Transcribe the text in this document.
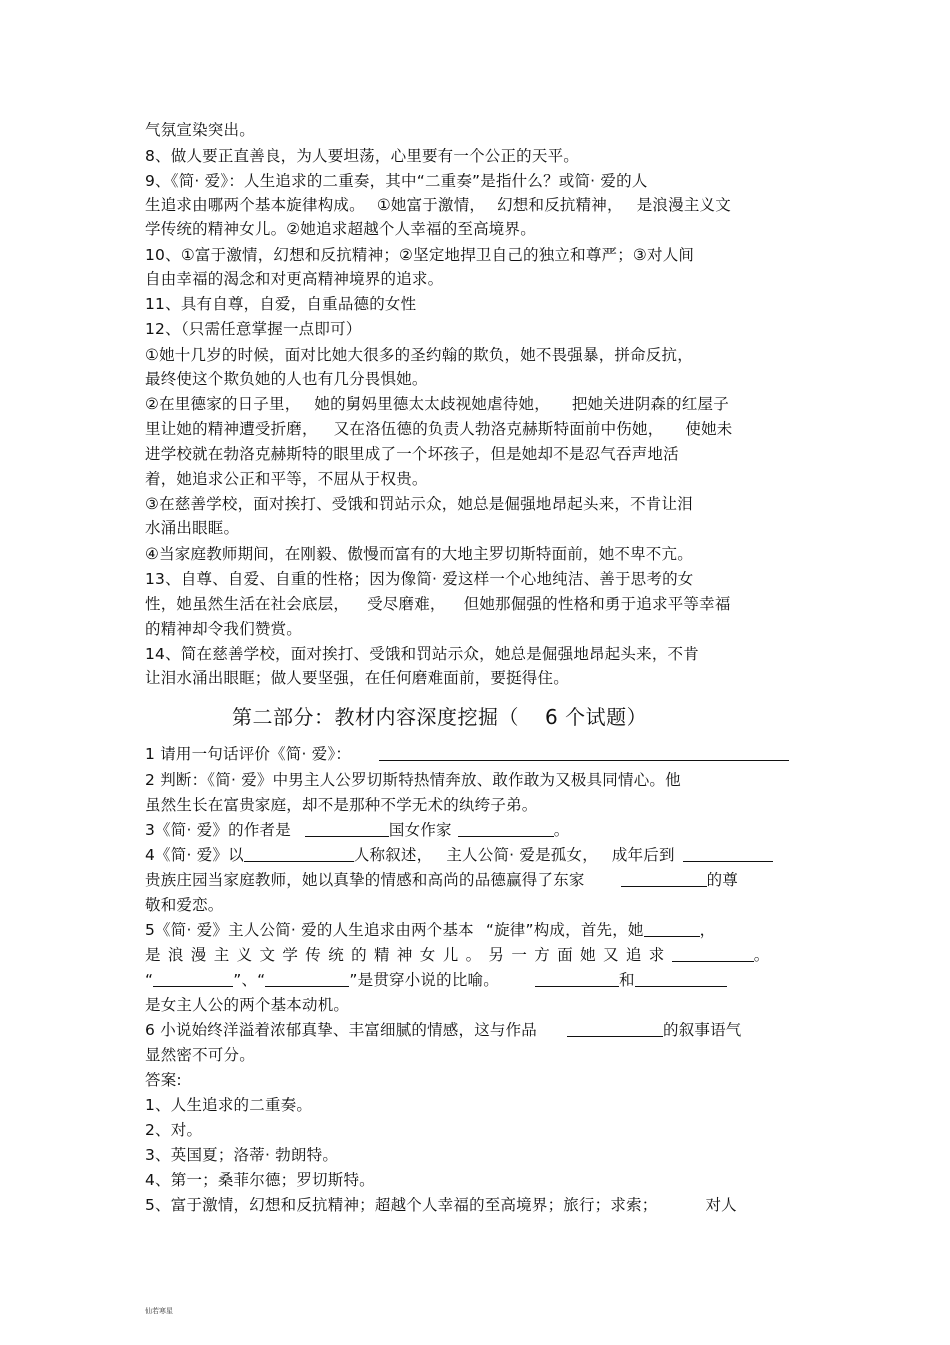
气氛宣染突出。
8、做人要正直善良，为人要坦荡，心里要有一个公正的天平。
9、《简· 爱》：人生追求的二重奏，其中“二重奏”是指什么？或简· 爱的人
生追求由哪两个基本旋律构成。 ①她富于激情， 幻想和反抗精神， 是浪漫主义文
学传统的精神女儿。②她追求超越个人幸福的至高境界。
10、①富于激情，幻想和反抗精神；②坚定地捍卫自己的独立和尊严；③对人间
自由幸福的渴念和对更高精神境界的追求。
11、具有自尊，自爱，自重品德的女性
12、（只需任意掌握一点即可）
①她十几岁的时候，面对比她大很多的圣约翰的欺负，她不畏强暴，拼命反抗，
最终使这个欺负她的人也有几分畏惧她。
②在里德家的日子里， 她的舅妈里德太太歧视她虐待她， 把她关进阴森的红屋子
里让她的精神遭受折磨， 又在洛伍德的负责人勃洛克赫斯特面前中伤她， 使她未
进学校就在勃洛克赫斯特的眼里成了一个坏孩子，但是她却不是忍气吞声地活
着，她追求公正和平等，不屈从于权贵。
③在慈善学校，面对挨打、受饿和罚站示众，她总是倔强地昂起头来，不肯让泪
水涌出眼眶。
④当家庭教师期间，在刚毅、傲慢而富有的大地主罗切斯特面前，她不卑不亢。
13、自尊、自爱、自重的性格；因为像简· 爱这样一个心地纯洁、善于思考的女
性，她虽然生活在社会底层， 受尽磨难， 但她那倔强的性格和勇于追求平等幸福
的精神却令我们赞赏。
14、简在慈善学校，面对挨打、受饿和罚站示众，她总是倔强地昂起头来，不肯
让泪水涌出眼眶；做人要坚强，在任何磨难面前，要挺得住。
第二部分：教材内容深度挖掘（ 6 个试题）
1 请用一句话评价《简· 爱》：
2 判断：《简· 爱》中男主人公罗切斯特热情奔放、敢作敢为又极具同情心。他
虽然生长在富贵家庭，却不是那种不学无术的纨绔子弟。
3《简· 爱》的作者是	国女作家	。
4《简· 爱》以	人称叙述， 主人公简· 爱是孤女， 成年后到
贵族庄园当家庭教师，她以真挚的情感和高尚的品德赢得了东家	的尊
敬和爱恋。
5《简· 爱》主人公简· 爱的人生追求由两个基本 “旋律”构成，首先，她	，
是浪漫主义文学传统的精神女儿。另一方面她又追求	。
“	”、“	”是贯穿小说的比喻。	和
是女主人公的两个基本动机。
6 小说始终洋溢着浓郁真挚、丰富细腻的情感，这与作品	的叙事语气
显然密不可分。
答案:
1、人生追求的二重奏。
2、对。
3、英国夏；洛蒂· 勃朗特。
4、第一；桑菲尔德；罗切斯特。
5、富于激情，幻想和反抗精神；超越个人幸福的至高境界；旅行；求索；	对人
仙若寒星
